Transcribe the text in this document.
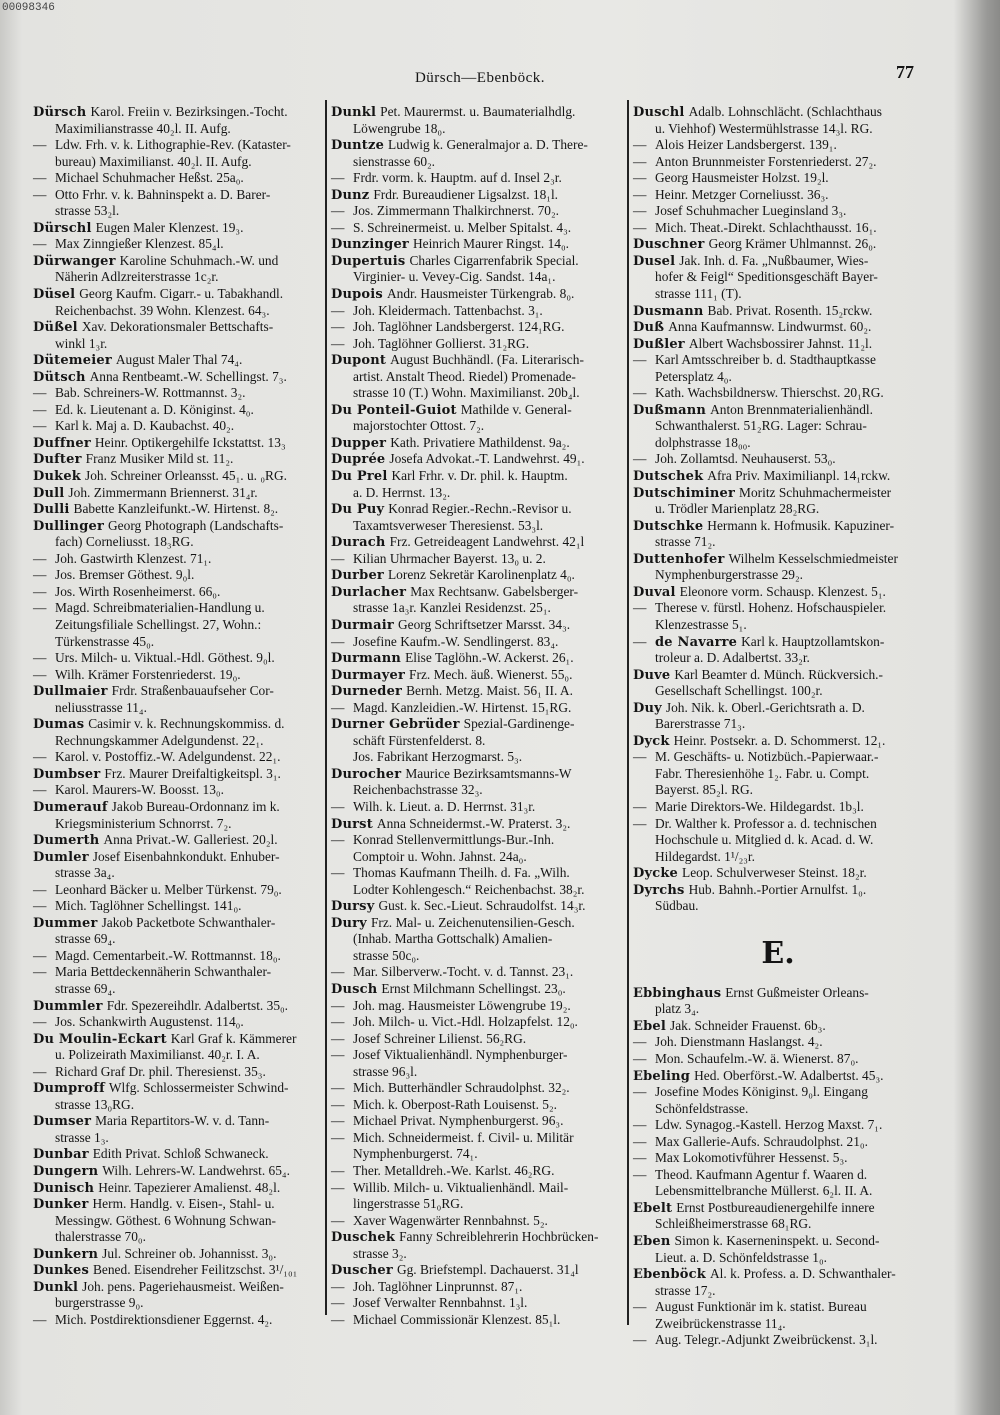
00098346
Dürsch—Ebenböck.	77
Dürsch Karol. Freiin v. Bezirksingen.-Tocht.
Maximilianstrasse 40₂l. II. Aufg.
— Ldw. Frh. v. k. Lithographie-Rev. (Kataster-
bureau) Maximilianst. 40₂l. II. Aufg.
— Michael Schuhmacher Heßst. 25a₀.
— Otto Frhr. v. k. Bahninspekt a. D. Barer-
strasse 53₂l.
Dürschl Eugen Maler Klenzest. 19₃.
— Max Zinngießer Klenzest. 85₄l.
Dürwanger Karoline Schuhmach.-W. und
Näherin Adlzreiterstrasse 1c₂r.
Düsel Georg Kaufm. Cigarr.- u. Tabakhandl.
Reichenbachst. 39 Wohn. Klenzest. 64₃.
Düßel Xav. Dekorationsmaler Bettschafts-
winkl 1₃r.
Dütemeier August Maler Thal 74₄.
Dütsch Anna Rentbeamt.-W. Schellingst. 7₃.
— Bab. Schreiners-W. Rottmannst. 3₂.
— Ed. k. Lieutenant a. D. Königinst. 4₀.
— Karl k. Maj a. D. Kaubachst. 40₂.
Duffner Heinr. Optikergehilfe Ickstattst. 13₃
Dufter Franz Musiker Mild st. 11₂.
Dukek Joh. Schreiner Orleansst. 45₁. u. ₀RG.
Dull Joh. Zimmermann Briennerst. 31₄r.
Dulli Babette Kanzleifunkt.-W. Hirtenst. 8₂.
Dullinger Georg Photograph (Landschafts-
fach) Corneliusst. 18₃RG.
— Joh. Gastwirth Klenzest. 71₁.
— Jos. Bremser Göthest. 9₀l.
— Jos. Wirth Rosenheimerst. 66₀.
— Magd. Schreibmaterialien-Handlung u.
Zeitungsfiliale Schellingst. 27, Wohn.:
Türkenstrasse 45₀.
— Urs. Milch- u. Viktual.-Hdl. Göthest. 9₀l.
— Wilh. Krämer Forstenriederst. 19₀.
Dullmaier Frdr. Straßenbauaufseher Cor-
neliusstrasse 11₄.
Dumas Casimir v. k. Rechnungskommiss. d.
Rechnungskammer Adelgundenst. 22₁.
— Karol. v. Postoffiz.-W. Adelgundenst. 22₁.
Dumbser Frz. Maurer Dreifaltigkeitspl. 3₁.
— Karol. Maurers-W. Boosst. 13₀.
Dumerauf Jakob Bureau-Ordonnanz im k.
Kriegsministerium Schnorrst. 7₂.
Dumerth Anna Privat.-W. Galleriest. 20₂l.
Dumler Josef Eisenbahnkondukt. Enhuber-
strasse 3a₄.
— Leonhard Bäcker u. Melber Türkenst. 79₀.
— Mich. Taglöhner Schellingst. 141₀.
Dummer Jakob Packetbote Schwanthaler-
strasse 69₄.
— Magd. Cementarbeit.-W. Rottmannst. 18₀.
— Maria Bettdeckennäherin Schwanthaler-
strasse 69₄.
Dummler Fdr. Spezereihdlr. Adalbertst. 35₀.
— Jos. Schankwirth Augustenst. 114₀.
Du Moulin-Eckart Karl Graf k. Kämmerer
u. Polizeirath Maximilianst. 40₂r. I. A.
— Richard Graf Dr. phil. Theresienst. 35₃.
Dumproff Wlfg. Schlossermeister Schwind-
strasse 13₀RG.
Dumser Maria Repartitors-W. v. d. Tann-
strasse 1₃.
Dunbar Edith Privat. Schloß Schwaneck.
Dungern Wilh. Lehrers-W. Landwehrst. 65₄.
Dunisch Heinr. Tapezierer Amalienst. 48₂l.
Dunker Herm. Handlg. v. Eisen-, Stahl- u.
Messingw. Göthest. 6 Wohnung Schwan-
thalerstrasse 70₀.
Dunkern Jul. Schreiner ob. Johannisst. 3₀.
Dunkes Bened. Eisendreher Feilitzschst. 3¹/₁₀₁
Dunkl Joh. pens. Pageriehausmeist. Weißen-
burgerstrasse 9₀.
— Mich. Postdirektionsdiener Eggernst. 4₂.
Dunkl Pet. Maurermst. u. Baumaterialhdlg.
Löwengrube 18₀.
Duntze Ludwig k. Generalmajor a. D. There-
sienstrasse 60₂.
— Frdr. vorm. k. Hauptm. auf d. Insel 2₃r.
Dunz Frdr. Bureaudiener Ligsalzst. 18₁l.
— Jos. Zimmermann Thalkirchnerst. 70₂.
— S. Schreinermeist. u. Melber Spitalst. 4₃.
Dunzinger Heinrich Maurer Ringst. 14₀.
Dupertuis Charles Cigarrenfabrik Special.
Virginier- u. Vevey-Cig. Sandst. 14a₁.
Dupois Andr. Hausmeister Türkengrab. 8₀.
— Joh. Kleidermach. Tattenbachst. 3₁.
— Joh. Taglöhner Landsbergerst. 124₁RG.
— Joh. Taglöhner Gollierst. 31₂RG.
Dupont August Buchhändl. (Fa. Literarisch-
artist. Anstalt Theod. Riedel) Promenade-
strasse 10 (T.) Wohn. Maximilianst. 20b₄l.
Du Ponteil-Guiot Mathilde v. General-
majorstochter Ottost. 7₂.
Dupper Kath. Privatiere Mathildenst. 9a₂.
Duprée Josefa Advokat.-T. Landwehrst. 49₁.
Du Prel Karl Frhr. v. Dr. phil. k. Hauptm.
a. D. Herrnst. 13₂.
Du Puy Konrad Regier.-Rechn.-Revisor u.
Taxamtsverweser Theresienst. 53₃l.
Durach Frz. Getreideagent Landwehrst. 42₁l
— Kilian Uhrmacher Bayerst. 13₀ u. 2.
Durber Lorenz Sekretär Karolinenplatz 4₀.
Durlacher Max Rechtsanw. Gabelsberger-
strasse 1a₃r. Kanzlei Residenzst. 25₁.
Durmair Georg Schriftsetzer Marsst. 34₃.
— Josefine Kaufm.-W. Sendlingerst. 83₄.
Durmann Elise Taglöhn.-W. Ackerst. 26₁.
Durmayer Frz. Mech. äuß. Wienerst. 55₀.
Durneder Bernh. Metzg. Maist. 56₁ II. A.
— Magd. Kanzleidien.-W. Hirtenst. 15₁RG.
Durner Gebrüder Spezial-Gardinenge-
schäft Fürstenfelderst. 8.
Jos. Fabrikant Herzogmarst. 5₃.
Durocher Maurice Bezirksamtsmanns-W
Reichenbachstrasse 32₃.
— Wilh. k. Lieut. a. D. Herrnst. 31₃r.
Durst Anna Schneidermst.-W. Praterst. 3₂.
— Konrad Stellenvermittlungs-Bur.-Inh.
Comptoir u. Wohn. Jahnst. 24a₀.
— Thomas Kaufmann Theilh. d. Fa. „Wilh.
Lodter Kohlengesch.“ Reichenbachst. 38₂r.
Dursy Gust. k. Sec.-Lieut. Schraudolfst. 14₃r.
Dury Frz. Mal- u. Zeichenutensilien-Gesch.
(Inhab. Martha Gottschalk) Amalien-
strasse 50c₀.
— Mar. Silberverw.-Tocht. v. d. Tannst. 23₁.
Dusch Ernst Milchmann Schellingst. 23₀.
— Joh. mag. Hausmeister Löwengrube 19₂.
— Joh. Milch- u. Vict.-Hdl. Holzapfelst. 12₀.
— Josef Schreiner Lilienst. 56₂RG.
— Josef Viktualienhändl. Nymphenburger-
strasse 96₃l.
— Mich. Butterhändler Schraudolphst. 32₂.
— Mich. k. Oberpost-Rath Louisenst. 5₂.
— Michael Privat. Nymphenburgerst. 96₃.
— Mich. Schneidermeist. f. Civil- u. Militär
Nymphenburgerst. 74₁.
— Ther. Metalldreh.-We. Karlst. 46₂RG.
— Willib. Milch- u. Viktualienhändl. Mail-
lingerstrasse 51₀RG.
— Xaver Wagenwärter Rennbahnst. 5₂.
Duschek Fanny Schreiblehrerin Hochbrücken-
strasse 3₂.
Duscher Gg. Briefstempl. Dachauerst. 31₄l
— Joh. Taglöhner Linprunnst. 87₁.
— Josef Verwalter Rennbahnst. 1₃l.
— Michael Commissionär Klenzest. 85₁l.
Duschl Adalb. Lohnschlächt. (Schlachthaus
u. Viehhof) Westermühlstrasse 14₃l. RG.
— Alois Heizer Landsbergerst. 139₁.
— Anton Brunnmeister Forstenriederst. 27₂.
— Georg Hausmeister Holzst. 19₂l.
— Heinr. Metzger Corneliusst. 36₃.
— Josef Schuhmacher Lueginsland 3₃.
— Mich. Theat.-Direkt. Schlachthausst. 16₁.
Duschner Georg Krämer Uhlmannst. 26₀.
Dusel Jak. Inh. d. Fa. „Nußbaumer, Wies-
hofer & Feigl“ Speditionsgeschäft Bayer-
strasse 111₁ (T).
Dusmann Bab. Privat. Rosenth. 15₂rckw.
Duß Anna Kaufmannsw. Lindwurmst. 60₂.
Dußler Albert Wachsbossirer Jahnst. 11₂l.
— Karl Amtsschreiber b. d. Stadthauptkasse
Petersplatz 4₀.
— Kath. Wachsbildnersw. Thierschst. 20₁RG.
Dußmann Anton Brennmaterialienhändl.
Schwanthalerst. 51₂RG. Lager: Schrau-
dolphstrasse 18₀₀.
— Joh. Zollamtsd. Neuhauserst. 53₀.
Dutschek Afra Priv. Maximilianpl. 14₁rckw.
Dutschiminer Moritz Schuhmachermeister
u. Trödler Marienplatz 28₂RG.
Dutschke Hermann k. Hofmusik. Kapuziner-
strasse 71₂.
Duttenhofer Wilhelm Kesselschmiedmeister
Nymphenburgerstrasse 29₂.
Duval Eleonore vorm. Schausp. Klenzest. 5₁.
— Therese v. fürstl. Hohenz. Hofschauspieler.
Klenzestrasse 5₁.
— de Navarre Karl k. Hauptzollamtskon-
troleur a. D. Adalbertst. 33₂r.
Duve Karl Beamter d. Münch. Rückversich.-
Gesellschaft Schellingst. 100₂r.
Duy Joh. Nik. k. Oberl.-Gerichtsrath a. D.
Barerstrasse 71₃.
Dyck Heinr. Postsekr. a. D. Schommerst. 12₁.
— M. Geschäfts- u. Notizbüch.-Papierwaar.-
Fabr. Theresienhöhe 1₂. Fabr. u. Compt.
Bayerst. 85₂l. RG.
— Marie Direktors-We. Hildegardst. 1b₃l.
— Dr. Walther k. Professor a. d. technischen
Hochschule u. Mitglied d. k. Acad. d. W.
Hildegardst. 1¹/₂₃r.
Dycke Leop. Schulverweser Steinst. 18₂r.
Dyrchs Hub. Bahnh.-Portier Arnulfst. 1₀.
Südbau.
E.
Ebbinghaus Ernst Gußmeister Orleans-
platz 3₄.
Ebel Jak. Schneider Frauenst. 6b₃.
— Joh. Dienstmann Haslangst. 4₂.
— Mon. Schaufelm.-W. ä. Wienerst. 87₀.
Ebeling Hed. Oberförst.-W. Adalbertst. 45₃.
— Josefine Modes Königinst. 9₀l. Eingang
Schönfeldstrasse.
— Ldw. Synagog.-Kastell. Herzog Maxst. 7₁.
— Max Gallerie-Aufs. Schraudolphst. 21₀.
— Max Lokomotivführer Hessenst. 5₃.
— Theod. Kaufmann Agentur f. Waaren d.
Lebensmittelbranche Müllerst. 6₂l. II. A.
Ebelt Ernst Postbureaudienergehilfe innere
Schleißheimerstrasse 68₁RG.
Eben Simon k. Kaserneninspekt. u. Second-
Lieut. a. D. Schönfeldstrasse 1₀.
Ebenböck Al. k. Profess. a. D. Schwanthaler-
strasse 17₂.
— August Funktionär im k. statist. Bureau
Zweibrückenstrasse 11₄.
— Aug. Telegr.-Adjunkt Zweibrückenst. 3₁l.
